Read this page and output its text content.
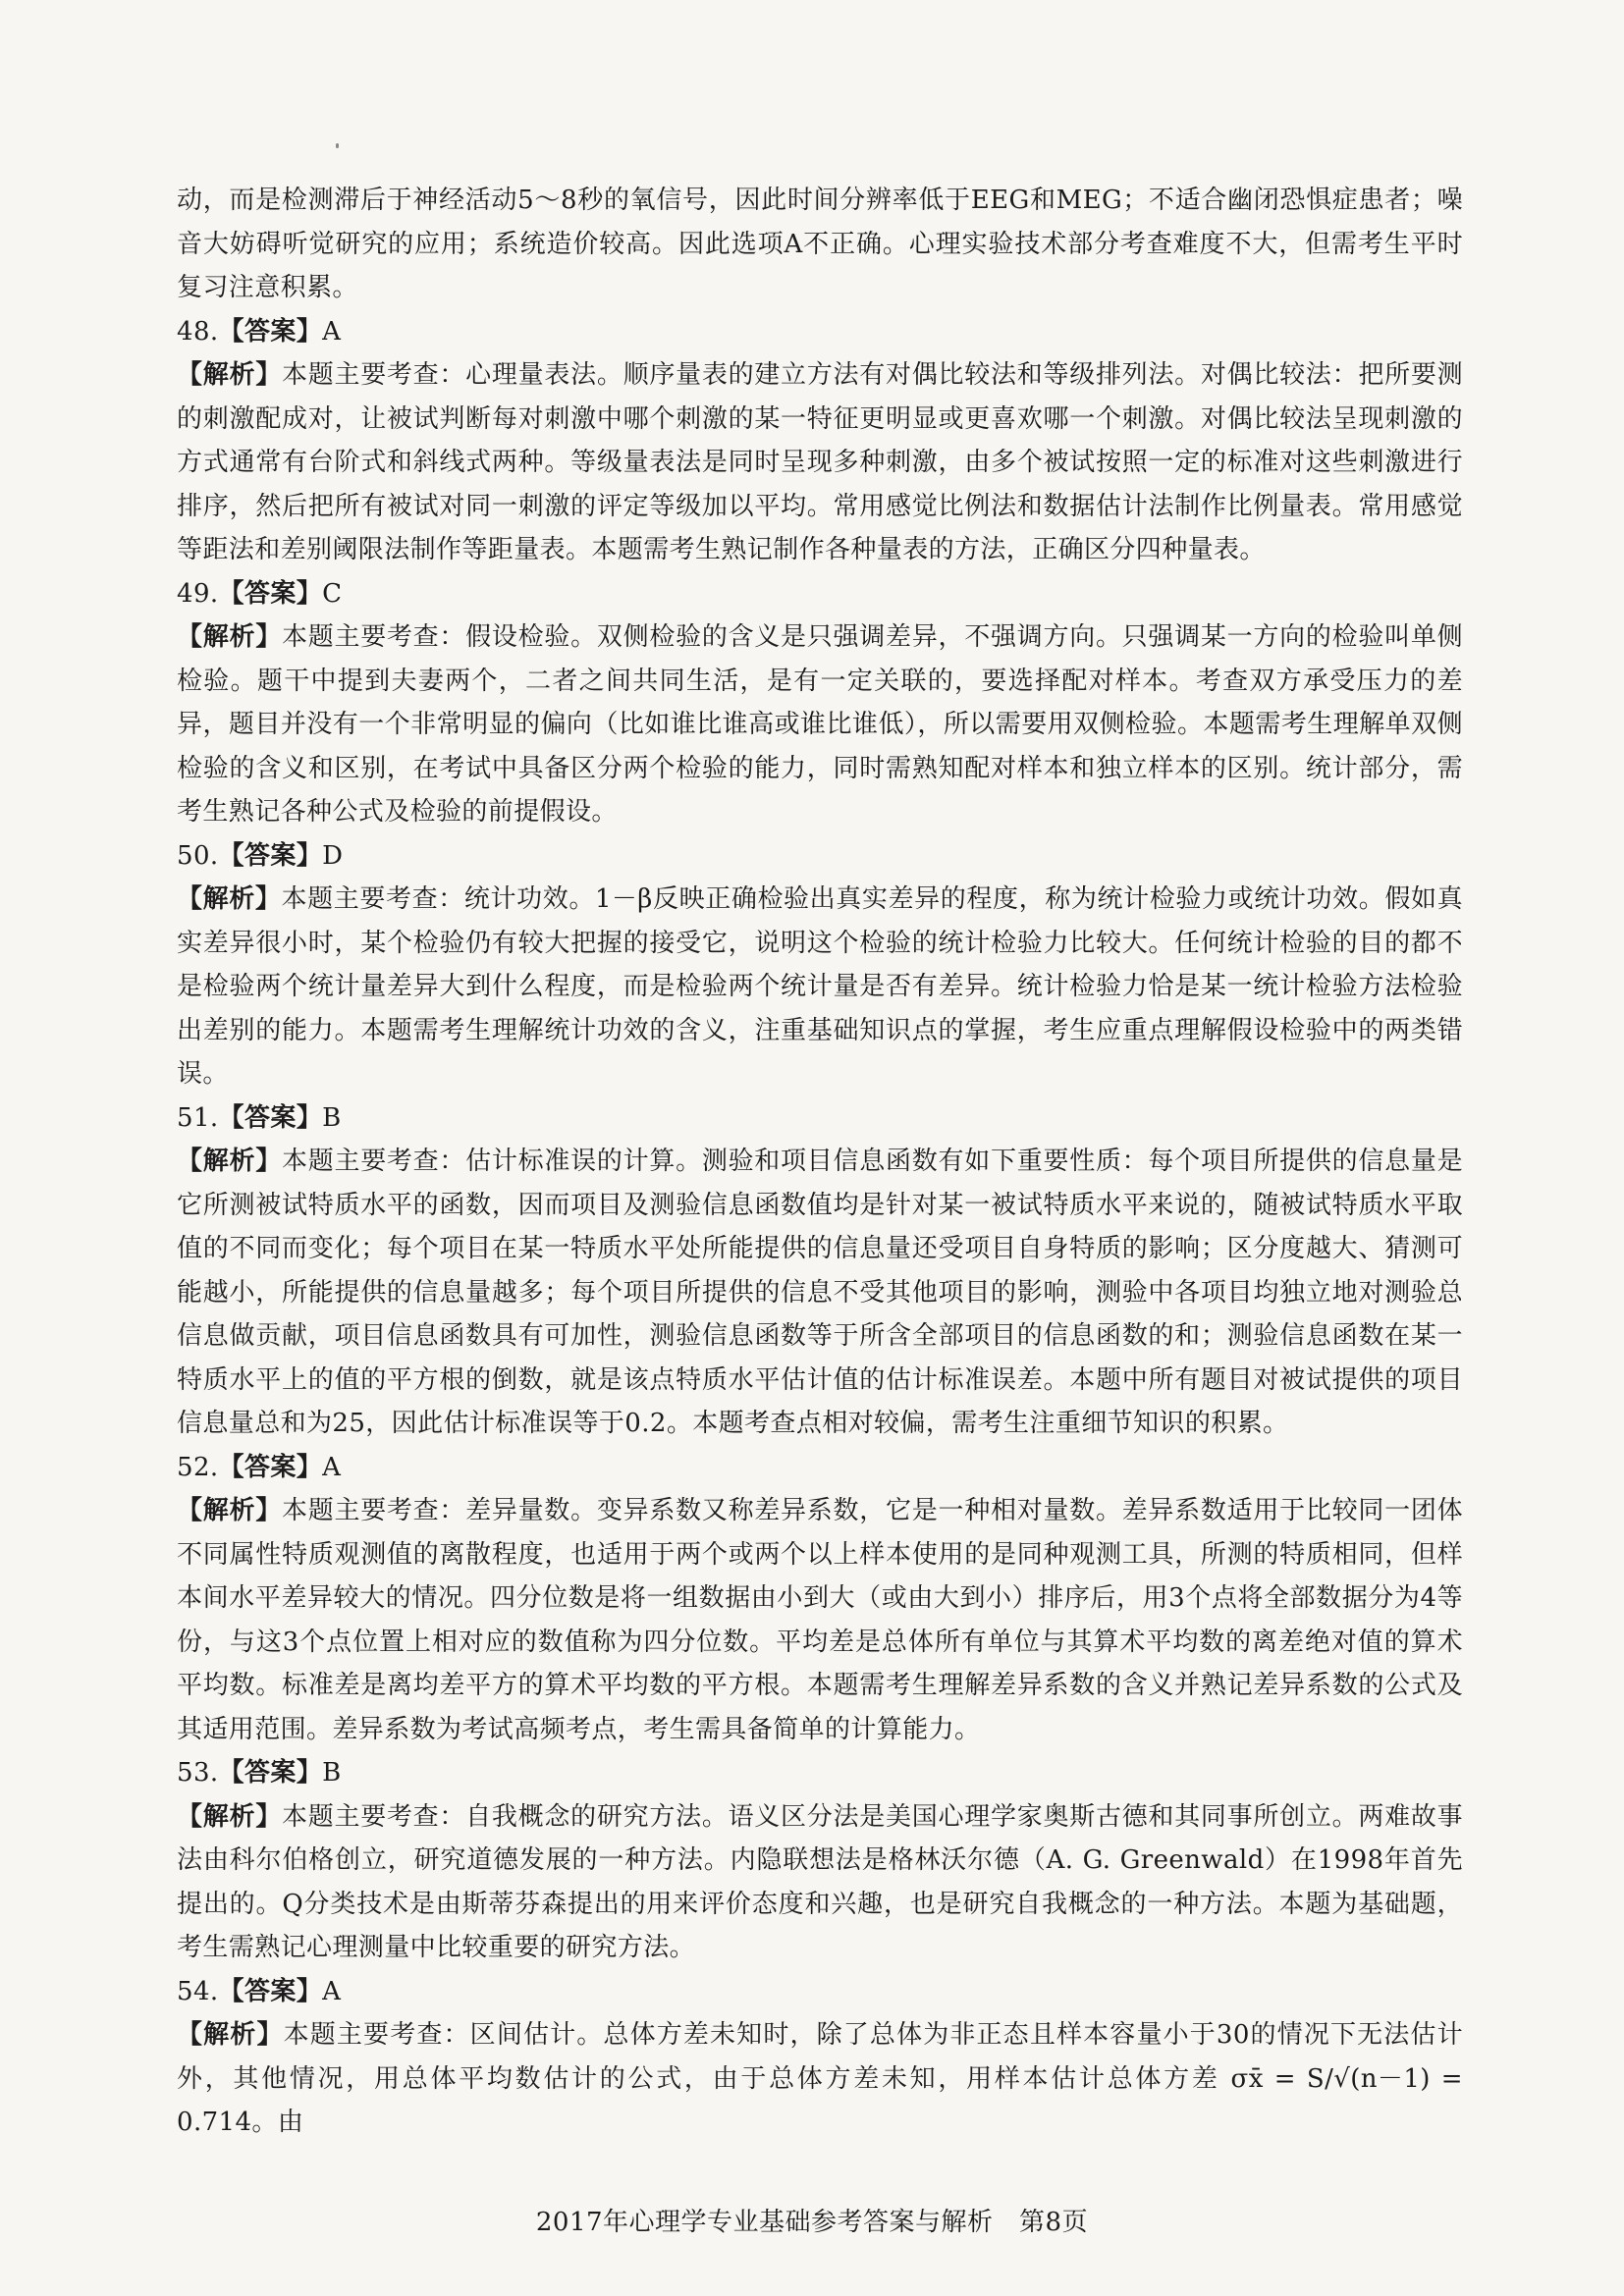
动，而是检测滞后于神经活动5～8秒的氧信号，因此时间分辨率低于EEG和MEG；不适合幽闭恐惧症患者；噪音大妨碍听觉研究的应用；系统造价较高。因此选项A不正确。心理实验技术部分考查难度不大，但需考生平时复习注意积累。

48.【答案】A

【解析】本题主要考查：心理量表法。顺序量表的建立方法有对偶比较法和等级排列法。对偶比较法：把所要测的刺激配成对，让被试判断每对刺激中哪个刺激的某一特征更明显或更喜欢哪一个刺激。对偶比较法呈现刺激的方式通常有台阶式和斜线式两种。等级量表法是同时呈现多种刺激，由多个被试按照一定的标准对这些刺激进行排序，然后把所有被试对同一刺激的评定等级加以平均。常用感觉比例法和数据估计法制作比例量表。常用感觉等距法和差别阈限法制作等距量表。本题需考生熟记制作各种量表的方法，正确区分四种量表。

49.【答案】C

【解析】本题主要考查：假设检验。双侧检验的含义是只强调差异，不强调方向。只强调某一方向的检验叫单侧检验。题干中提到夫妻两个，二者之间共同生活，是有一定关联的，要选择配对样本。考查双方承受压力的差异，题目并没有一个非常明显的偏向（比如谁比谁高或谁比谁低），所以需要用双侧检验。本题需考生理解单双侧检验的含义和区别，在考试中具备区分两个检验的能力，同时需熟知配对样本和独立样本的区别。统计部分，需考生熟记各种公式及检验的前提假设。

50.【答案】D

【解析】本题主要考查：统计功效。1－β反映正确检验出真实差异的程度，称为统计检验力或统计功效。假如真实差异很小时，某个检验仍有较大把握的接受它，说明这个检验的统计检验力比较大。任何统计检验的目的都不是检验两个统计量差异大到什么程度，而是检验两个统计量是否有差异。统计检验力恰是某一统计检验方法检验出差别的能力。本题需考生理解统计功效的含义，注重基础知识点的掌握，考生应重点理解假设检验中的两类错误。

51.【答案】B

【解析】本题主要考查：估计标准误的计算。测验和项目信息函数有如下重要性质：每个项目所提供的信息量是它所测被试特质水平的函数，因而项目及测验信息函数值均是针对某一被试特质水平来说的，随被试特质水平取值的不同而变化；每个项目在某一特质水平处所能提供的信息量还受项目自身特质的影响；区分度越大、猜测可能越小，所能提供的信息量越多；每个项目所提供的信息不受其他项目的影响，测验中各项目均独立地对测验总信息做贡献，项目信息函数具有可加性，测验信息函数等于所含全部项目的信息函数的和；测验信息函数在某一特质水平上的值的平方根的倒数，就是该点特质水平估计值的估计标准误差。本题中所有题目对被试提供的项目信息量总和为25，因此估计标准误等于0.2。本题考查点相对较偏，需考生注重细节知识的积累。

52.【答案】A

【解析】本题主要考查：差异量数。变异系数又称差异系数，它是一种相对量数。差异系数适用于比较同一团体不同属性特质观测值的离散程度，也适用于两个或两个以上样本使用的是同种观测工具，所测的特质相同，但样本间水平差异较大的情况。四分位数是将一组数据由小到大（或由大到小）排序后，用3个点将全部数据分为4等份，与这3个点位置上相对应的数值称为四分位数。平均差是总体所有单位与其算术平均数的离差绝对值的算术平均数。标准差是离均差平方的算术平均数的平方根。本题需考生理解差异系数的含义并熟记差异系数的公式及其适用范围。差异系数为考试高频考点，考生需具备简单的计算能力。

53.【答案】B

【解析】本题主要考查：自我概念的研究方法。语义区分法是美国心理学家奥斯古德和其同事所创立。两难故事法由科尔伯格创立，研究道德发展的一种方法。内隐联想法是格林沃尔德（A. G. Greenwald）在1998年首先提出的。Q分类技术是由斯蒂芬森提出的用来评价态度和兴趣，也是研究自我概念的一种方法。本题为基础题，考生需熟记心理测量中比较重要的研究方法。

54.【答案】A

【解析】本题主要考查：区间估计。总体方差未知时，除了总体为非正态且样本容量小于30的情况下无法估计外，其他情况，用总体平均数估计的公式，由于总体方差未知，用样本估计总体方差 σx̄ = S/√(n－1) = 0.714。由

2017年心理学专业基础参考答案与解析　第8页
